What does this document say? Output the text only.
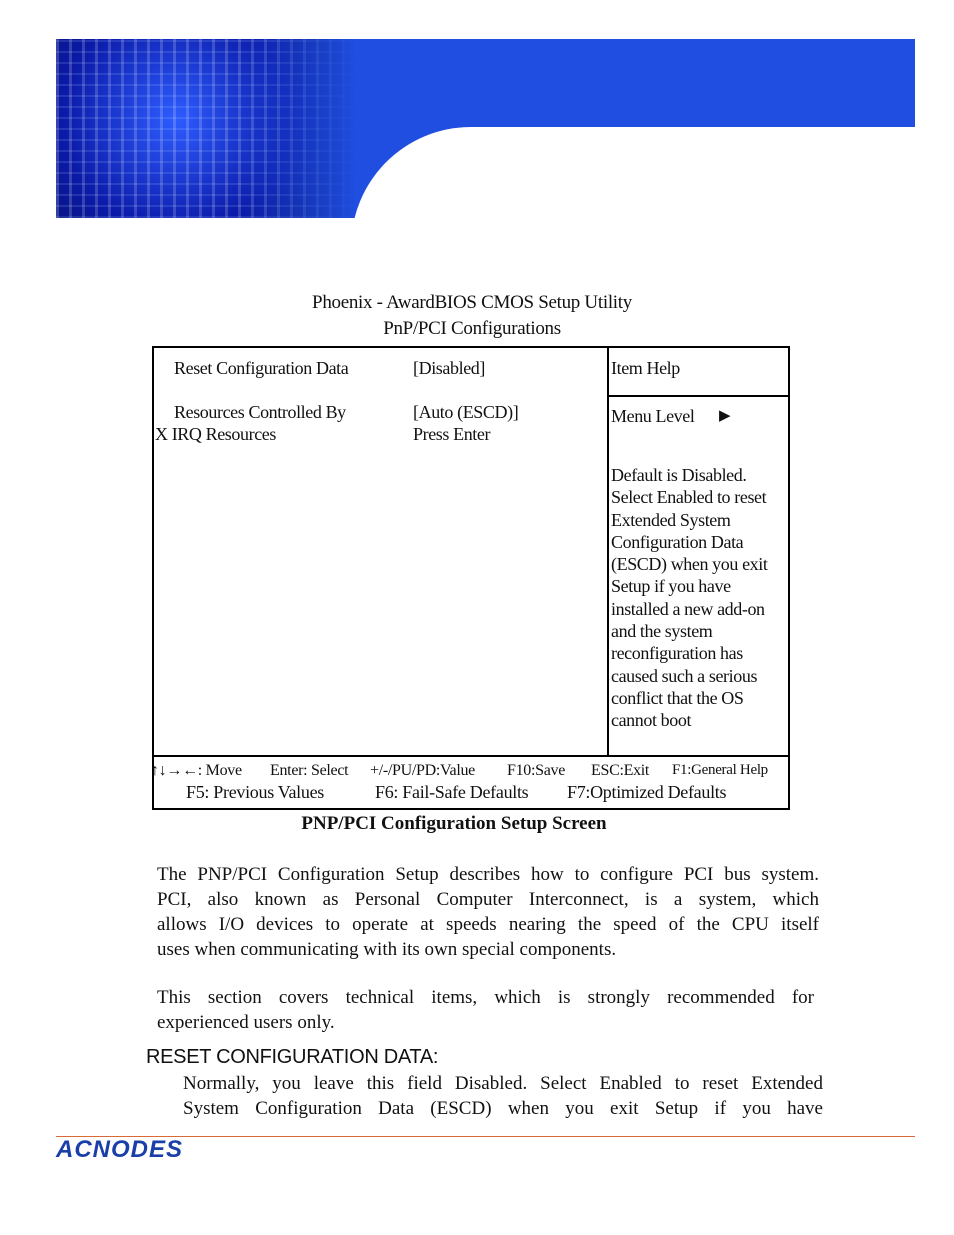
Phoenix - AwardBIOS CMOS Setup Utility
PnP/PCI Configurations
Reset Configuration Data	[Disabled]
Resources Controlled By	[Auto (ESCD)]
X IRQ Resources	Press Enter
Item Help
Menu Level ▶
Default is Disabled.
Select Enabled to reset
Extended System
Configuration Data
(ESCD) when you exit
Setup if you have
installed a new add-on
and the system
reconfiguration has
caused such a serious
conflict that the OS
cannot boot
↑↓→←: Move Enter: Select +/-/PU/PD:Value F10:Save ESC:Exit F1:General Help
F5: Previous Values	F6: Fail-Safe Defaults F7:Optimized Defaults
PNP/PCI Configuration Setup Screen
The PNP/PCI Configuration Setup describes how to configure PCI bus system.
PCI, also known as Personal Computer Interconnect, is a system, which
allows I/O devices to operate at speeds nearing the speed of the CPU itself
uses when communicating with its own special components.
This section covers technical items, which is strongly recommended for
experienced users only.
RESET CONFIGURATION DATA:
Normally, you leave this field Disabled. Select Enabled to reset Extended
System Configuration Data (ESCD) when you exit Setup if you have
ACNODES
